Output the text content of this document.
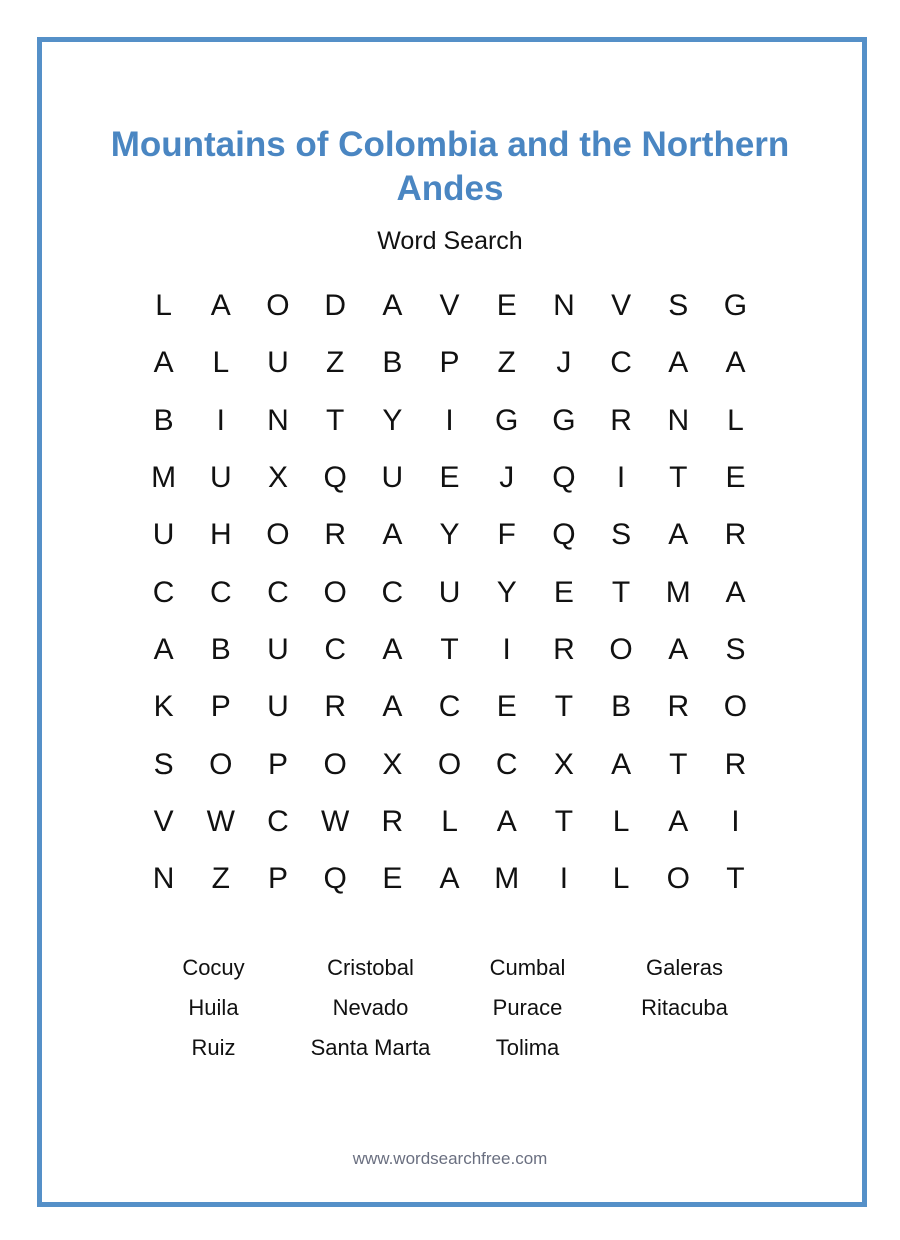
Mountains of Colombia and the Northern Andes
Word Search
L	A	O	D	A	V	E	N	V	S	G
A	L	U	Z	B	P	Z	J	C	A	A
B	I	N	T	Y	I	G	G	R	N	L
M	U	X	Q	U	E	J	Q	I	T	E
U	H	O	R	A	Y	F	Q	S	A	R
C	C	C	O	C	U	Y	E	T	M	A
A	B	U	C	A	T	I	R	O	A	S
K	P	U	R	A	C	E	T	B	R	O
S	O	P	O	X	O	C	X	A	T	R
V	W	C	W	R	L	A	T	L	A	I
N	Z	P	Q	E	A	M	I	L	O	T
Cocuy	Cristobal	Cumbal	Galeras
Huila	Nevado	Purace	Ritacuba
Ruiz	Santa Marta	Tolima
www.wordsearchfree.com
